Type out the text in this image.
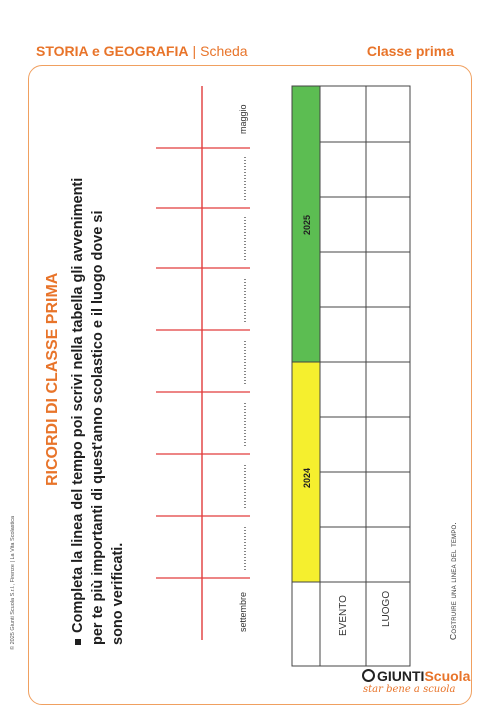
STORIA e GEOGRAFIA | Scheda	Classe prima
© 2025 Giunti Scuola S.r.l., Firenze | La Vita Scolastica
RICORDI DI CLASSE PRIMA Completa la linea del tempo poi scrivi nella tabella gli avvenimenti per te più importanti di quest'anno scolastico e il luogo dove si sono verificati.	settembre
maggio
EVENTO	LUOGO
2024
2025
Costruire una linea del tempo.
GIUNTIScuola
star bene a scuola
